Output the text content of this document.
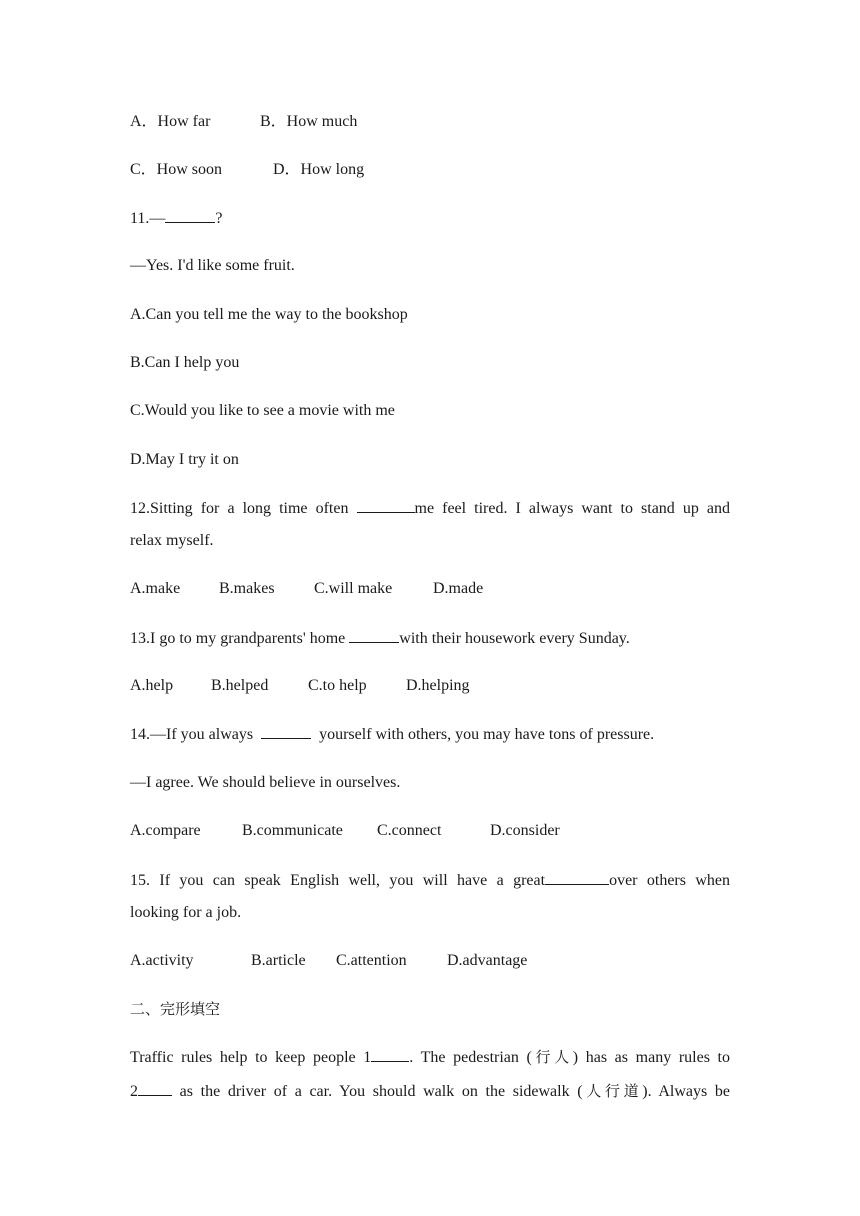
A．How far	B．How much
C．How soon	D．How long
11.—	?
—Yes. I'd like some fruit.
A.Can you tell me the way to the bookshop
B.Can I help you
C.Would you like to see a movie with me
D.May I try it on
12.Sitting for a long time often	me feel tired. I always want to stand up and
relax myself.
A.make B.makes C.will make	D.made
13.I go to my grandparents' home	with their housework every Sunday.
A.help B.helped C.to help D.helping
14.—If you always	yourself with others, you may have tons of pressure.
—I agree. We should believe in ourselves.
A.compare	B.communicate C.connect	D.consider
15. If you can speak English well, you will have a great	over others when
looking for a job.
A.activity	B.article C.attention	D.advantage
二、完形填空
Traffic rules help to keep people 1 . The pedestrian (行人) has as many rules to
2 as the driver of a car. You should walk on the sidewalk (人行道). Always be
